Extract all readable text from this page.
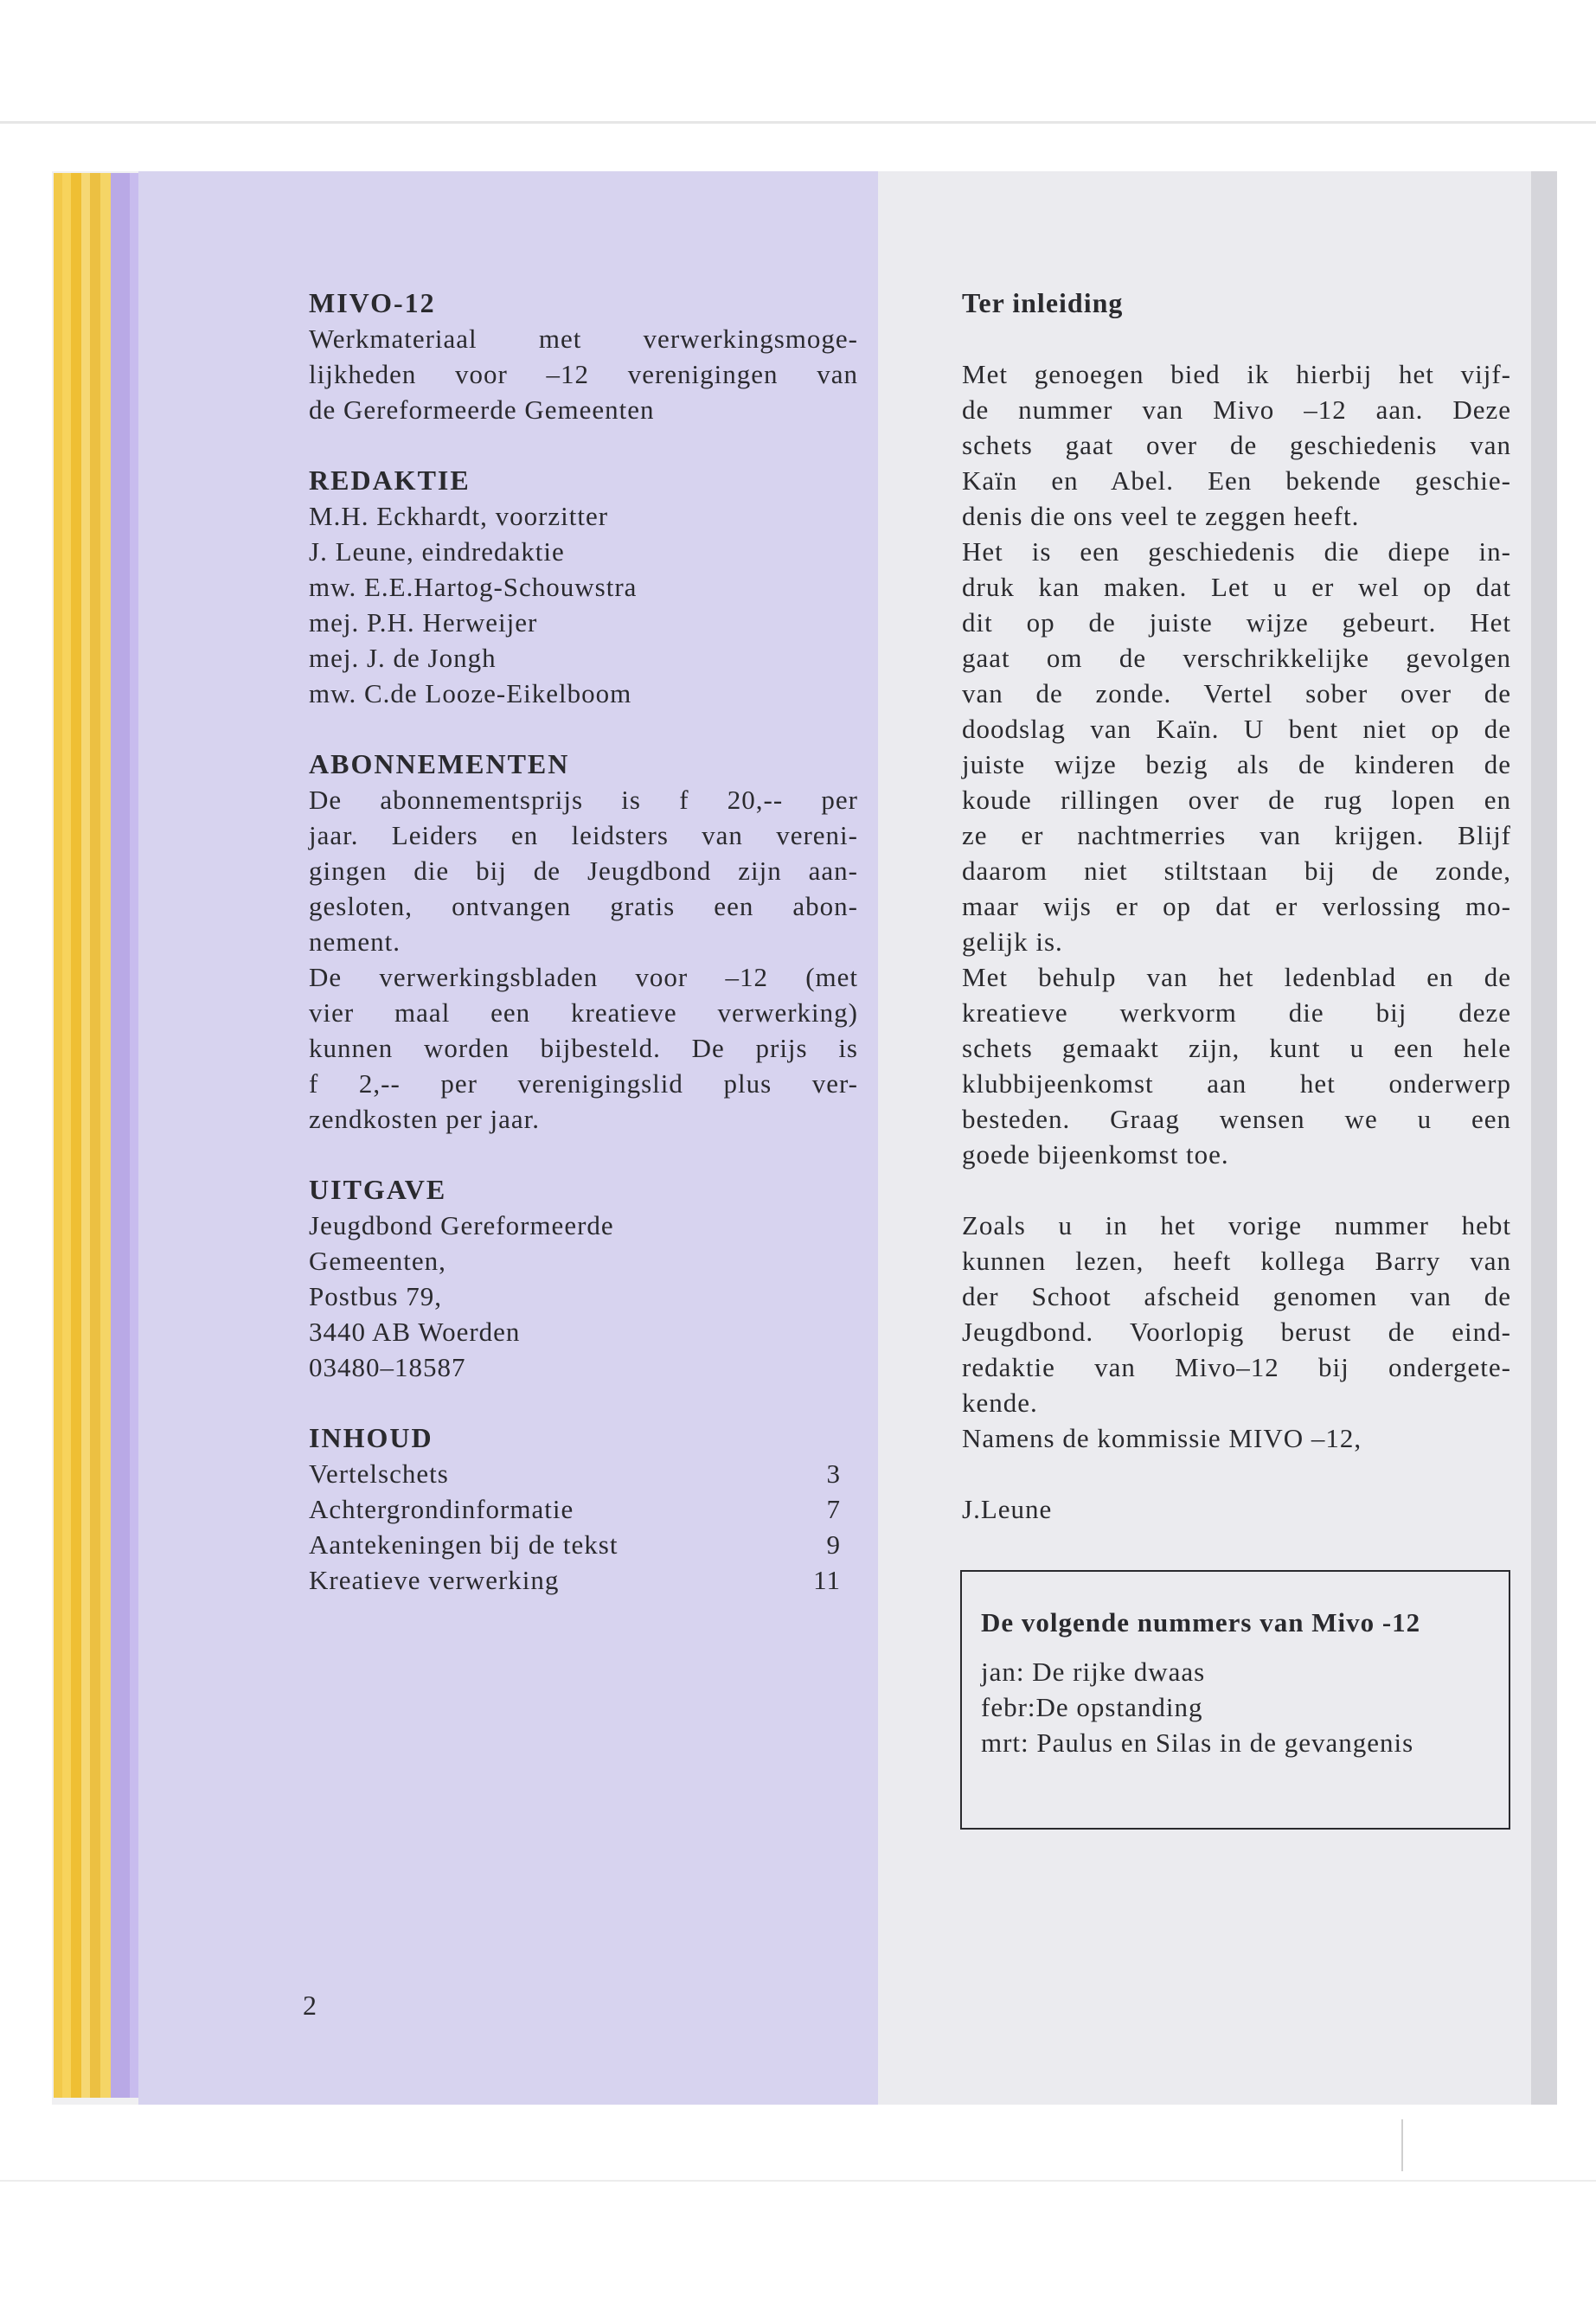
MIVO-12
Werkmateriaal met verwerkingsmoge-
lijkheden voor –12 verenigingen van
de Gereformeerde Gemeenten
REDAKTIE
M.H. Eckhardt, voorzitter
J. Leune, eindredaktie
mw. E.E.Hartog-Schouwstra
mej. P.H. Herweijer
mej. J. de Jongh
mw. C.de Looze-Eikelboom
ABONNEMENTEN
De abonnementsprijs is f 20,-- per
jaar. Leiders en leidsters van vereni-
gingen die bij de Jeugdbond zijn aan-
gesloten, ontvangen gratis een abon-
nement.
De verwerkingsbladen voor –12 (met
vier maal een kreatieve verwerking)
kunnen worden bijbesteld. De prijs is
f 2,-- per verenigingslid plus ver-
zendkosten per jaar.
UITGAVE
Jeugdbond Gereformeerde
Gemeenten,
Postbus 79,
3440 AB Woerden
03480–18587
INHOUD
Vertelschets	3
Achtergrondinformatie	7
Aantekeningen bij de tekst	9
Kreatieve verwerking	11
2
Ter inleiding
Met genoegen bied ik hierbij het vijf-
de nummer van Mivo –12 aan. Deze
schets gaat over de geschiedenis van
Kaïn en Abel. Een bekende geschie-
denis die ons veel te zeggen heeft.
Het is een geschiedenis die diepe in-
druk kan maken. Let u er wel op dat
dit op de juiste wijze gebeurt. Het
gaat om de verschrikkelijke gevolgen
van de zonde. Vertel sober over de
doodslag van Kaïn. U bent niet op de
juiste wijze bezig als de kinderen de
koude rillingen over de rug lopen en
ze er nachtmerries van krijgen. Blijf
daarom niet stiltstaan bij de zonde,
maar wijs er op dat er verlossing mo-
gelijk is.
Met behulp van het ledenblad en de
kreatieve werkvorm die bij deze
schets gemaakt zijn, kunt u een hele
klubbijeenkomst aan het onderwerp
besteden. Graag wensen we u een
goede bijeenkomst toe.
Zoals u in het vorige nummer hebt
kunnen lezen, heeft kollega Barry van
der Schoot afscheid genomen van de
Jeugdbond. Voorlopig berust de eind-
redaktie van Mivo–12 bij ondergete-
kende.
Namens de kommissie MIVO –12,
J.Leune
De volgende nummers van Mivo -12
jan: De rijke dwaas
febr:De opstanding
mrt: Paulus en Silas in de gevangenis
